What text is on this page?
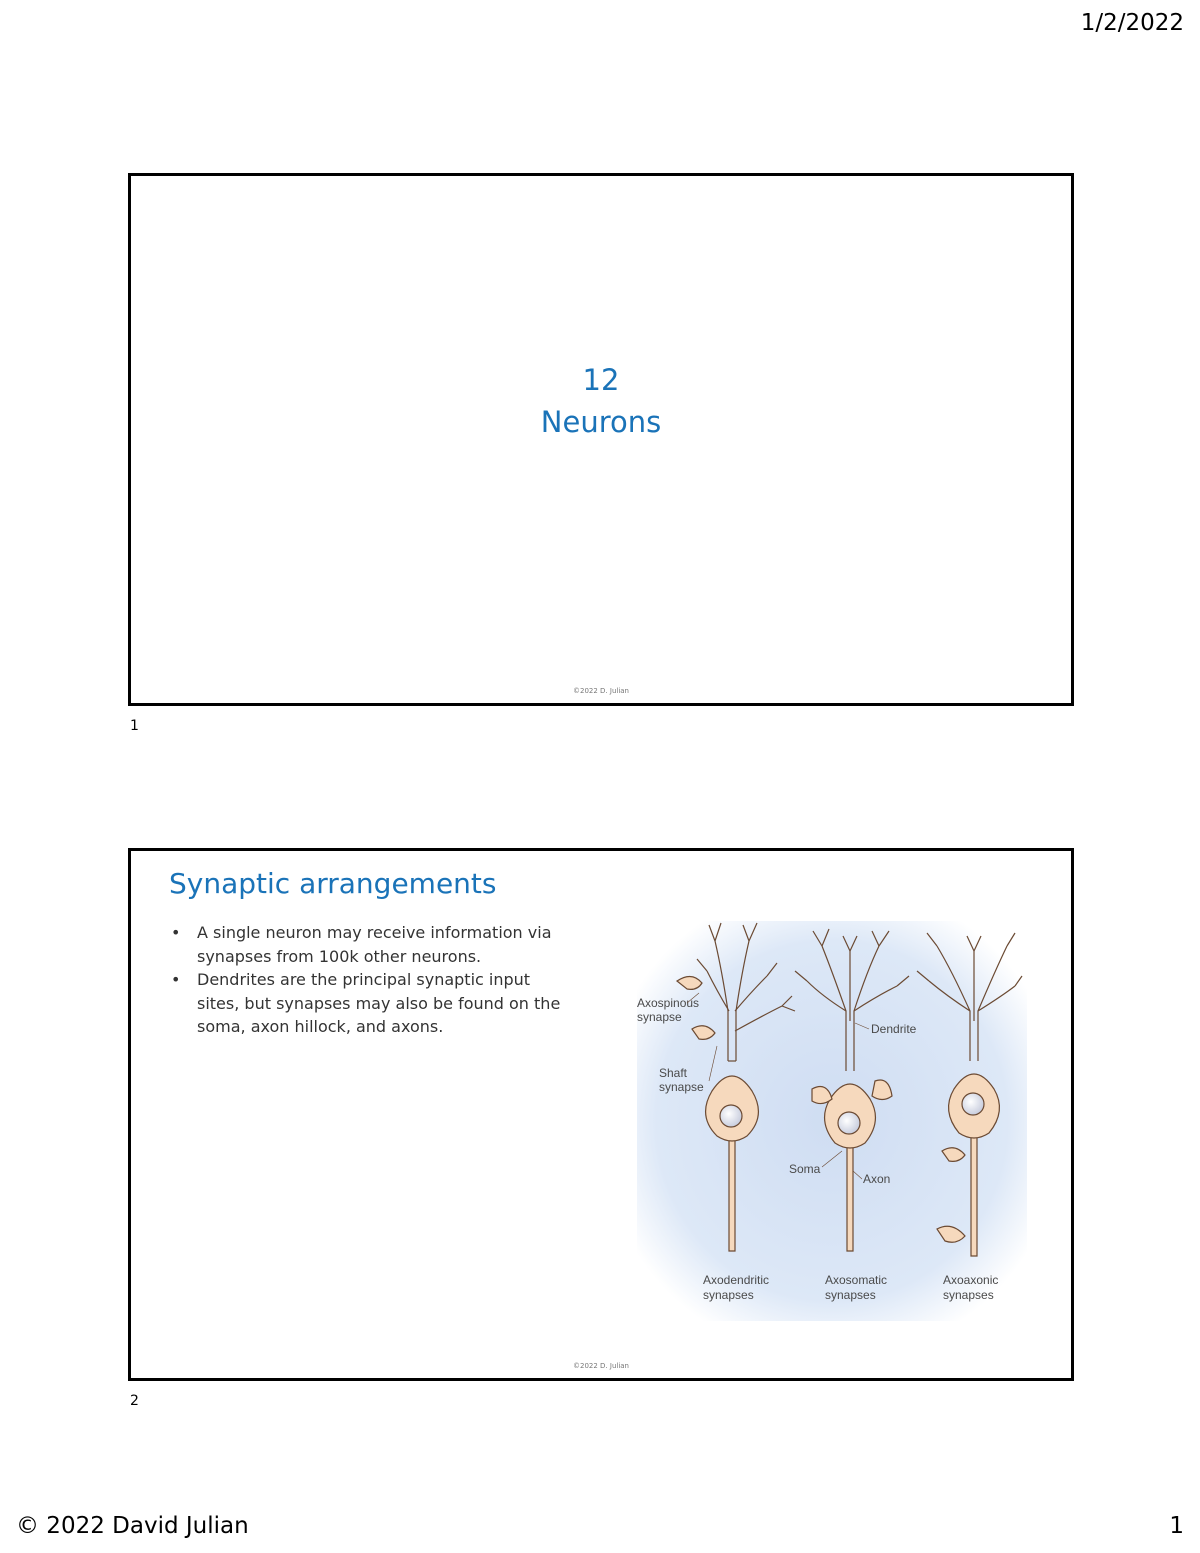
1/2/2022
12
Neurons
©2022 D. Julian
1
Synaptic arrangements
• A single neuron may receive information via synapses from 100k other neurons.
• Dendrites are the principal synaptic input sites, but synapses may also be found on the soma, axon hillock, and axons.
Axospinous
synapse
Shaft
synapse
Dendrite
Soma
Axon
Axodendritic
synapses
Axosomatic
synapses
Axoaxonic
synapses
©2022 D. Julian
2
© 2022 David Julian	1
